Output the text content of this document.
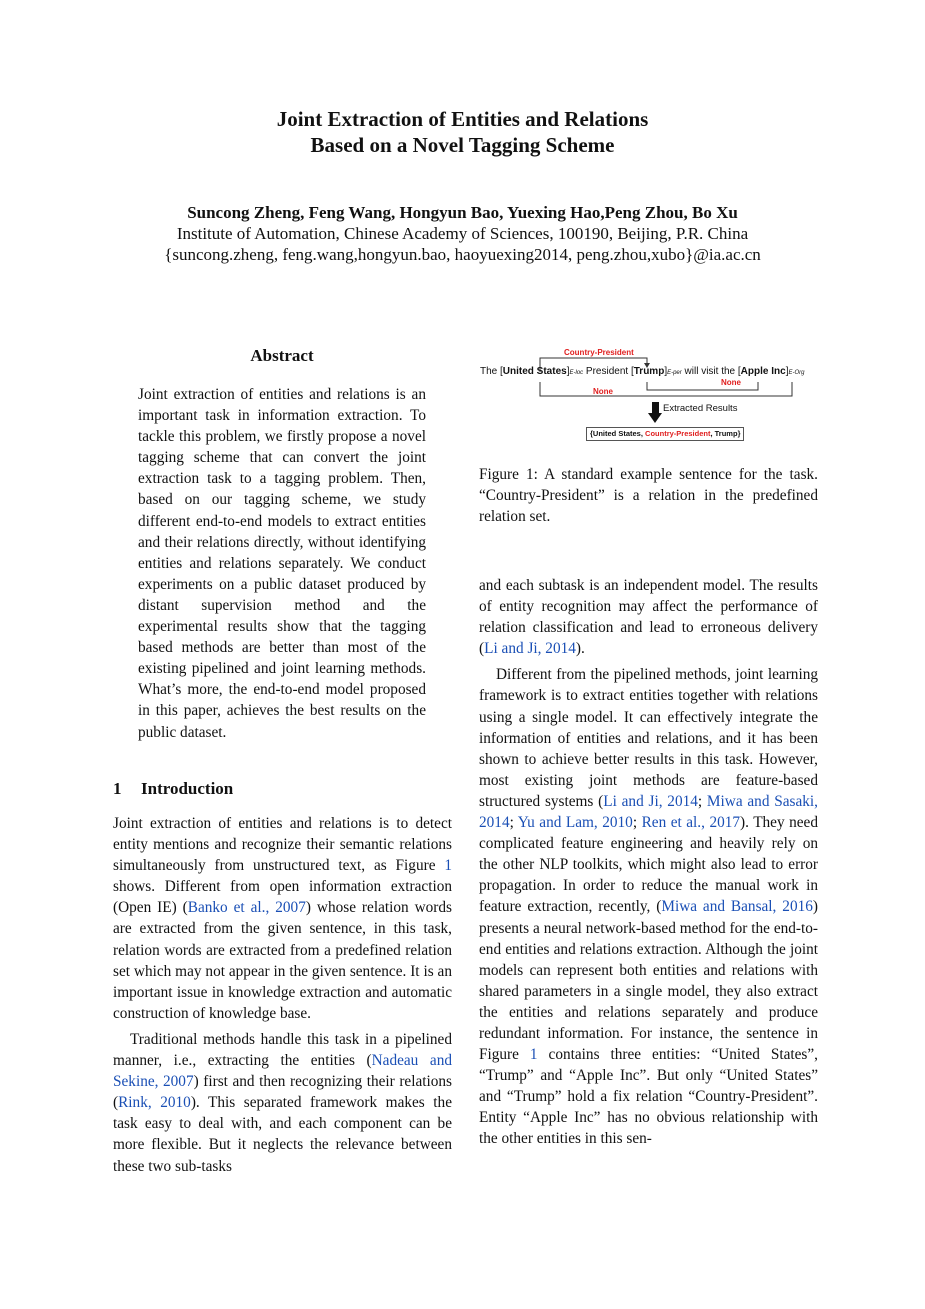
Joint Extraction of Entities and Relations
Based on a Novel Tagging Scheme
Suncong Zheng, Feng Wang, Hongyun Bao, Yuexing Hao,Peng Zhou, Bo Xu
Institute of Automation, Chinese Academy of Sciences, 100190, Beijing, P.R. China
{suncong.zheng, feng.wang,hongyun.bao, haoyuexing2014, peng.zhou,xubo}@ia.ac.cn
Abstract

Joint extraction of entities and relations is an important task in information extraction. To tackle this problem, we firstly propose a novel tagging scheme that can convert the joint extraction task to a tagging problem. Then, based on our tagging scheme, we study different end-to-end models to extract entities and their relations directly, without identifying entities and relations separately. We conduct experiments on a public dataset produced by distant supervision method and the experimental results show that the tagging based methods are better than most of the existing pipelined and joint learning methods. What’s more, the end-to-end model proposed in this paper, achieves the best results on the public dataset.

1 Introduction

Joint extraction of entities and relations is to detect entity mentions and recognize their semantic relations simultaneously from unstructured text, as Figure 1 shows. Different from open information extraction (Open IE) (Banko et al., 2007) whose relation words are extracted from the given sentence, in this task, relation words are extracted from a predefined relation set which may not appear in the given sentence. It is an important issue in knowledge extraction and automatic construction of knowledge base.

Traditional methods handle this task in a pipelined manner, i.e., extracting the entities (Nadeau and Sekine, 2007) first and then recognizing their relations (Rink, 2010). This separated framework makes the task easy to deal with, and each component can be more flexible. But it neglects the relevance between these two sub-tasks

Country-President
The [United States]E-loc President [Trump]E-per will visit the [Apple Inc]E-Org
None
None
Extracted Results
{United States, Country-President, Trump}
Figure 1: A standard example sentence for the task. “Country-President” is a relation in the predefined relation set.

and each subtask is an independent model. The results of entity recognition may affect the performance of relation classification and lead to erroneous delivery (Li and Ji, 2014).

Different from the pipelined methods, joint learning framework is to extract entities together with relations using a single model. It can effectively integrate the information of entities and relations, and it has been shown to achieve better results in this task. However, most existing joint methods are feature-based structured systems (Li and Ji, 2014; Miwa and Sasaki, 2014; Yu and Lam, 2010; Ren et al., 2017). They need complicated feature engineering and heavily rely on the other NLP toolkits, which might also lead to error propagation. In order to reduce the manual work in feature extraction, recently, (Miwa and Bansal, 2016) presents a neural network-based method for the end-to-end entities and relations extraction. Although the joint models can represent both entities and relations with shared parameters in a single model, they also extract the entities and relations separately and produce redundant information. For instance, the sentence in Figure 1 contains three entities: “United States”, “Trump” and “Apple Inc”. But only “United States” and “Trump” hold a fix relation “Country-President”. Entity “Apple Inc” has no obvious relationship with the other entities in this sen-
